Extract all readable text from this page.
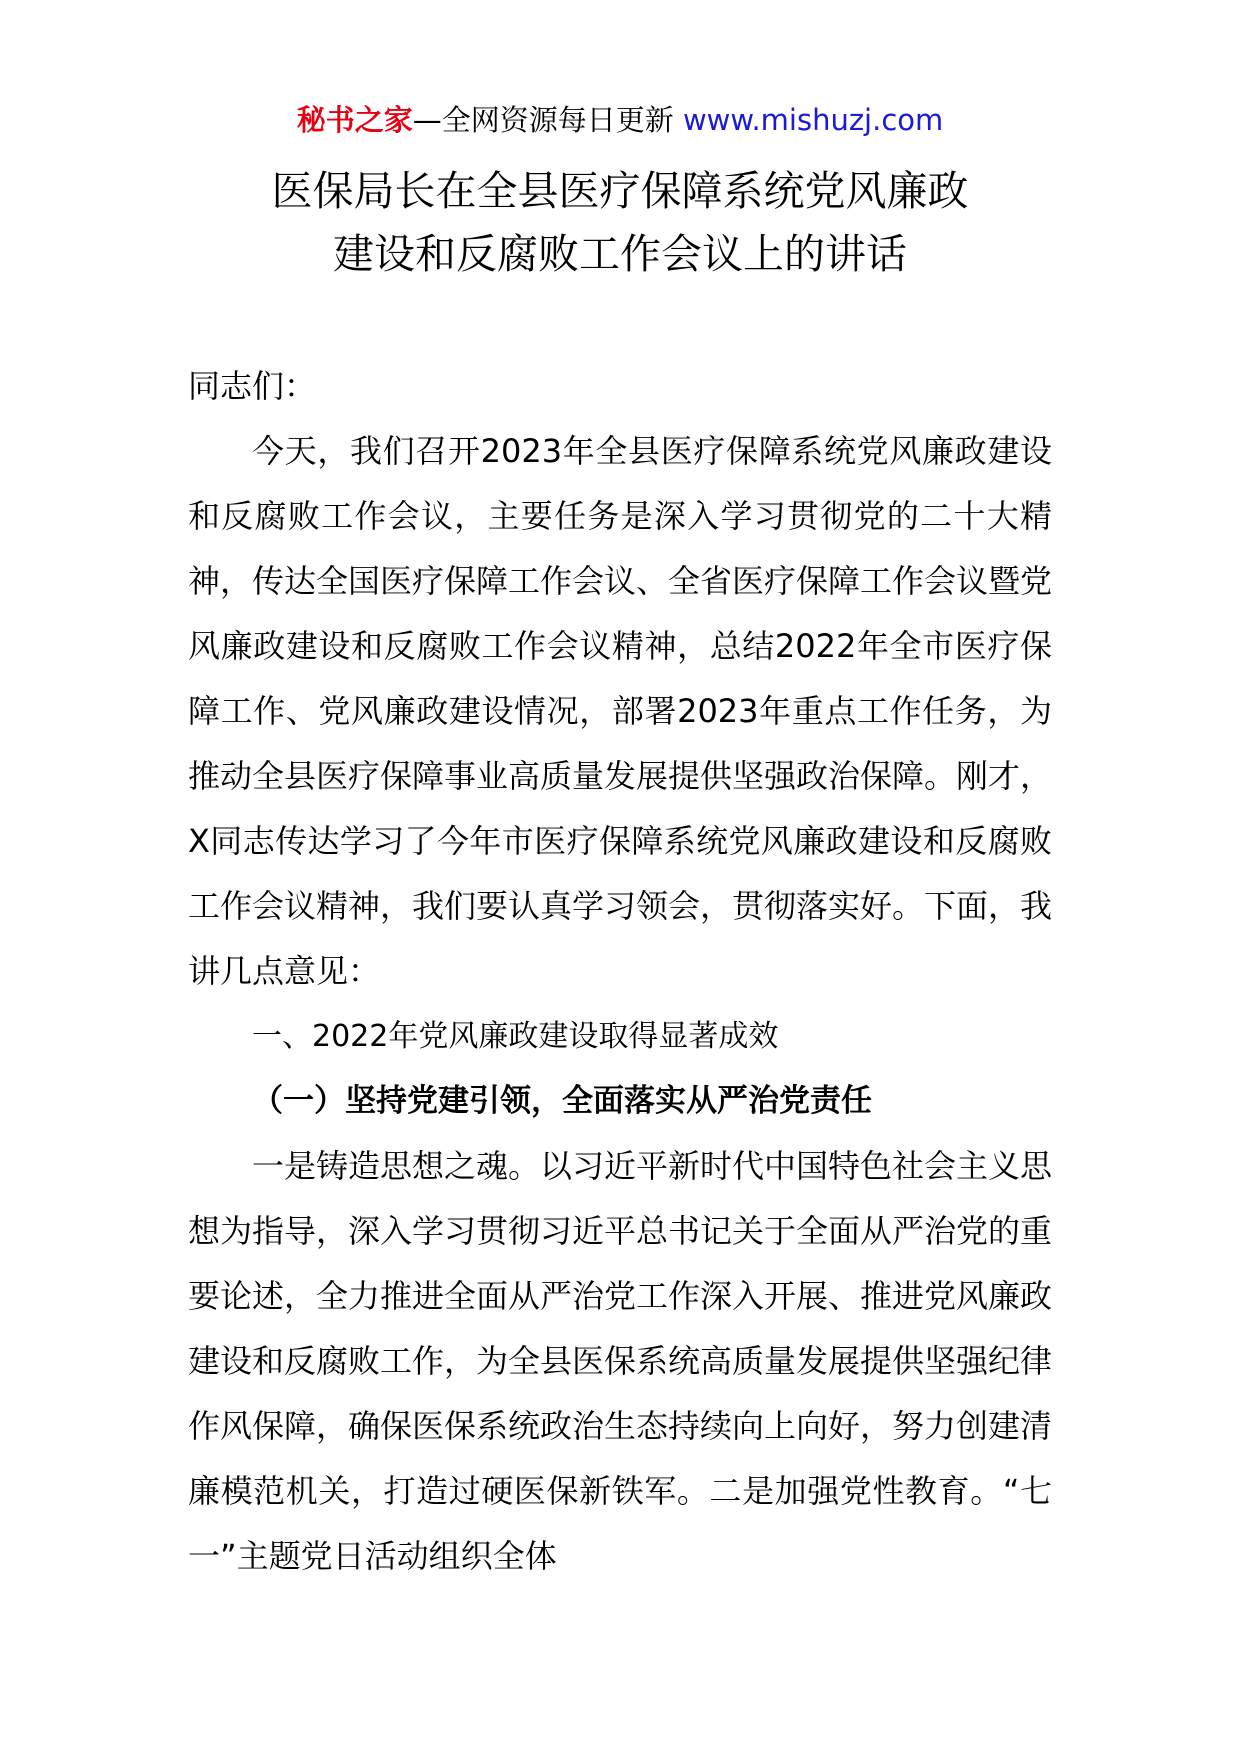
秘书之家—全网资源每日更新 www.mishuzj.com
医保局长在全县医疗保障系统党风廉政
建设和反腐败工作会议上的讲话

同志们：

今天，我们召开2023年全县医疗保障系统党风廉政建设和反腐败工作会议，主要任务是深入学习贯彻党的二十大精神，传达全国医疗保障工作会议、全省医疗保障工作会议暨党风廉政建设和反腐败工作会议精神，总结2022年全市医疗保障工作、党风廉政建设情况，部署2023年重点工作任务，为推动全县医疗保障事业高质量发展提供坚强政治保障。刚才，X同志传达学习了今年市医疗保障系统党风廉政建设和反腐败工作会议精神，我们要认真学习领会，贯彻落实好。下面，我讲几点意见：

一、2022年党风廉政建设取得显著成效

（一）坚持党建引领，全面落实从严治党责任

一是铸造思想之魂。以习近平新时代中国特色社会主义思想为指导，深入学习贯彻习近平总书记关于全面从严治党的重要论述，全力推进全面从严治党工作深入开展、推进党风廉政建设和反腐败工作，为全县医保系统高质量发展提供坚强纪律作风保障，确保医保系统政治生态持续向上向好，努力创建清廉模范机关，打造过硬医保新铁军。二是加强党性教育。“七一”主题党日活动组织全体
